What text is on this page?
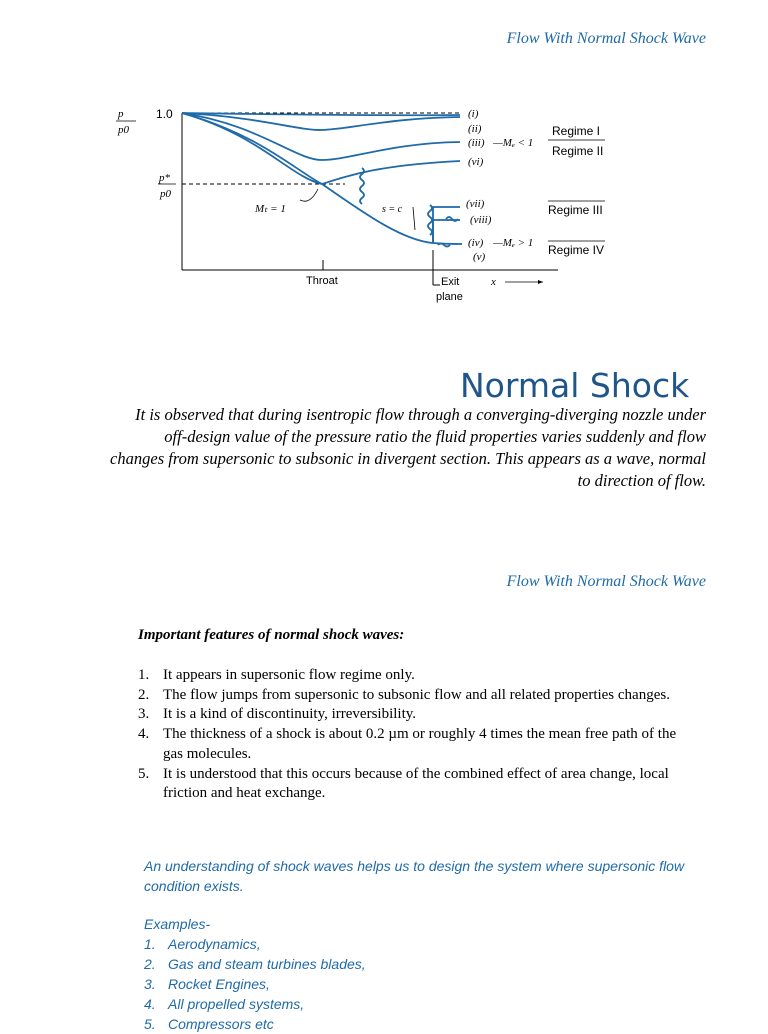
Flow With Normal Shock Wave
p
p0
1.0
p*
p0
(i)
(ii)
(iii) —Mₑ < 1
(vi)
(vii)
(viii)
(iv) —Mₑ > 1
(v)
Mₜ = 1	s = c
Regime I
Regime II
Regime III
Regime IV
Throat	Exit
plane
x
Normal Shock
It is observed that during isentropic flow through a converging-diverging nozzle under off-design value of the pressure ratio the fluid properties varies suddenly and flow changes from supersonic to subsonic in divergent section. This appears as a wave, normal to direction of flow.
Flow With Normal Shock Wave
Important features of normal shock waves:
1. It appears in supersonic flow regime only.
2. The flow jumps from supersonic to subsonic flow and all related properties changes.
3. It is a kind of discontinuity, irreversibility.
4. The thickness of a shock is about 0.2 µm or roughly 4 times the mean free path of the gas molecules.
5. It is understood that this occurs because of the combined effect of area change, local friction and heat exchange.
An understanding of shock waves helps us to design the system where supersonic flow condition exists.
Examples-
1. Aerodynamics,
2. Gas and steam turbines blades,
3. Rocket Engines,
4. All propelled systems,
5. Compressors etc
